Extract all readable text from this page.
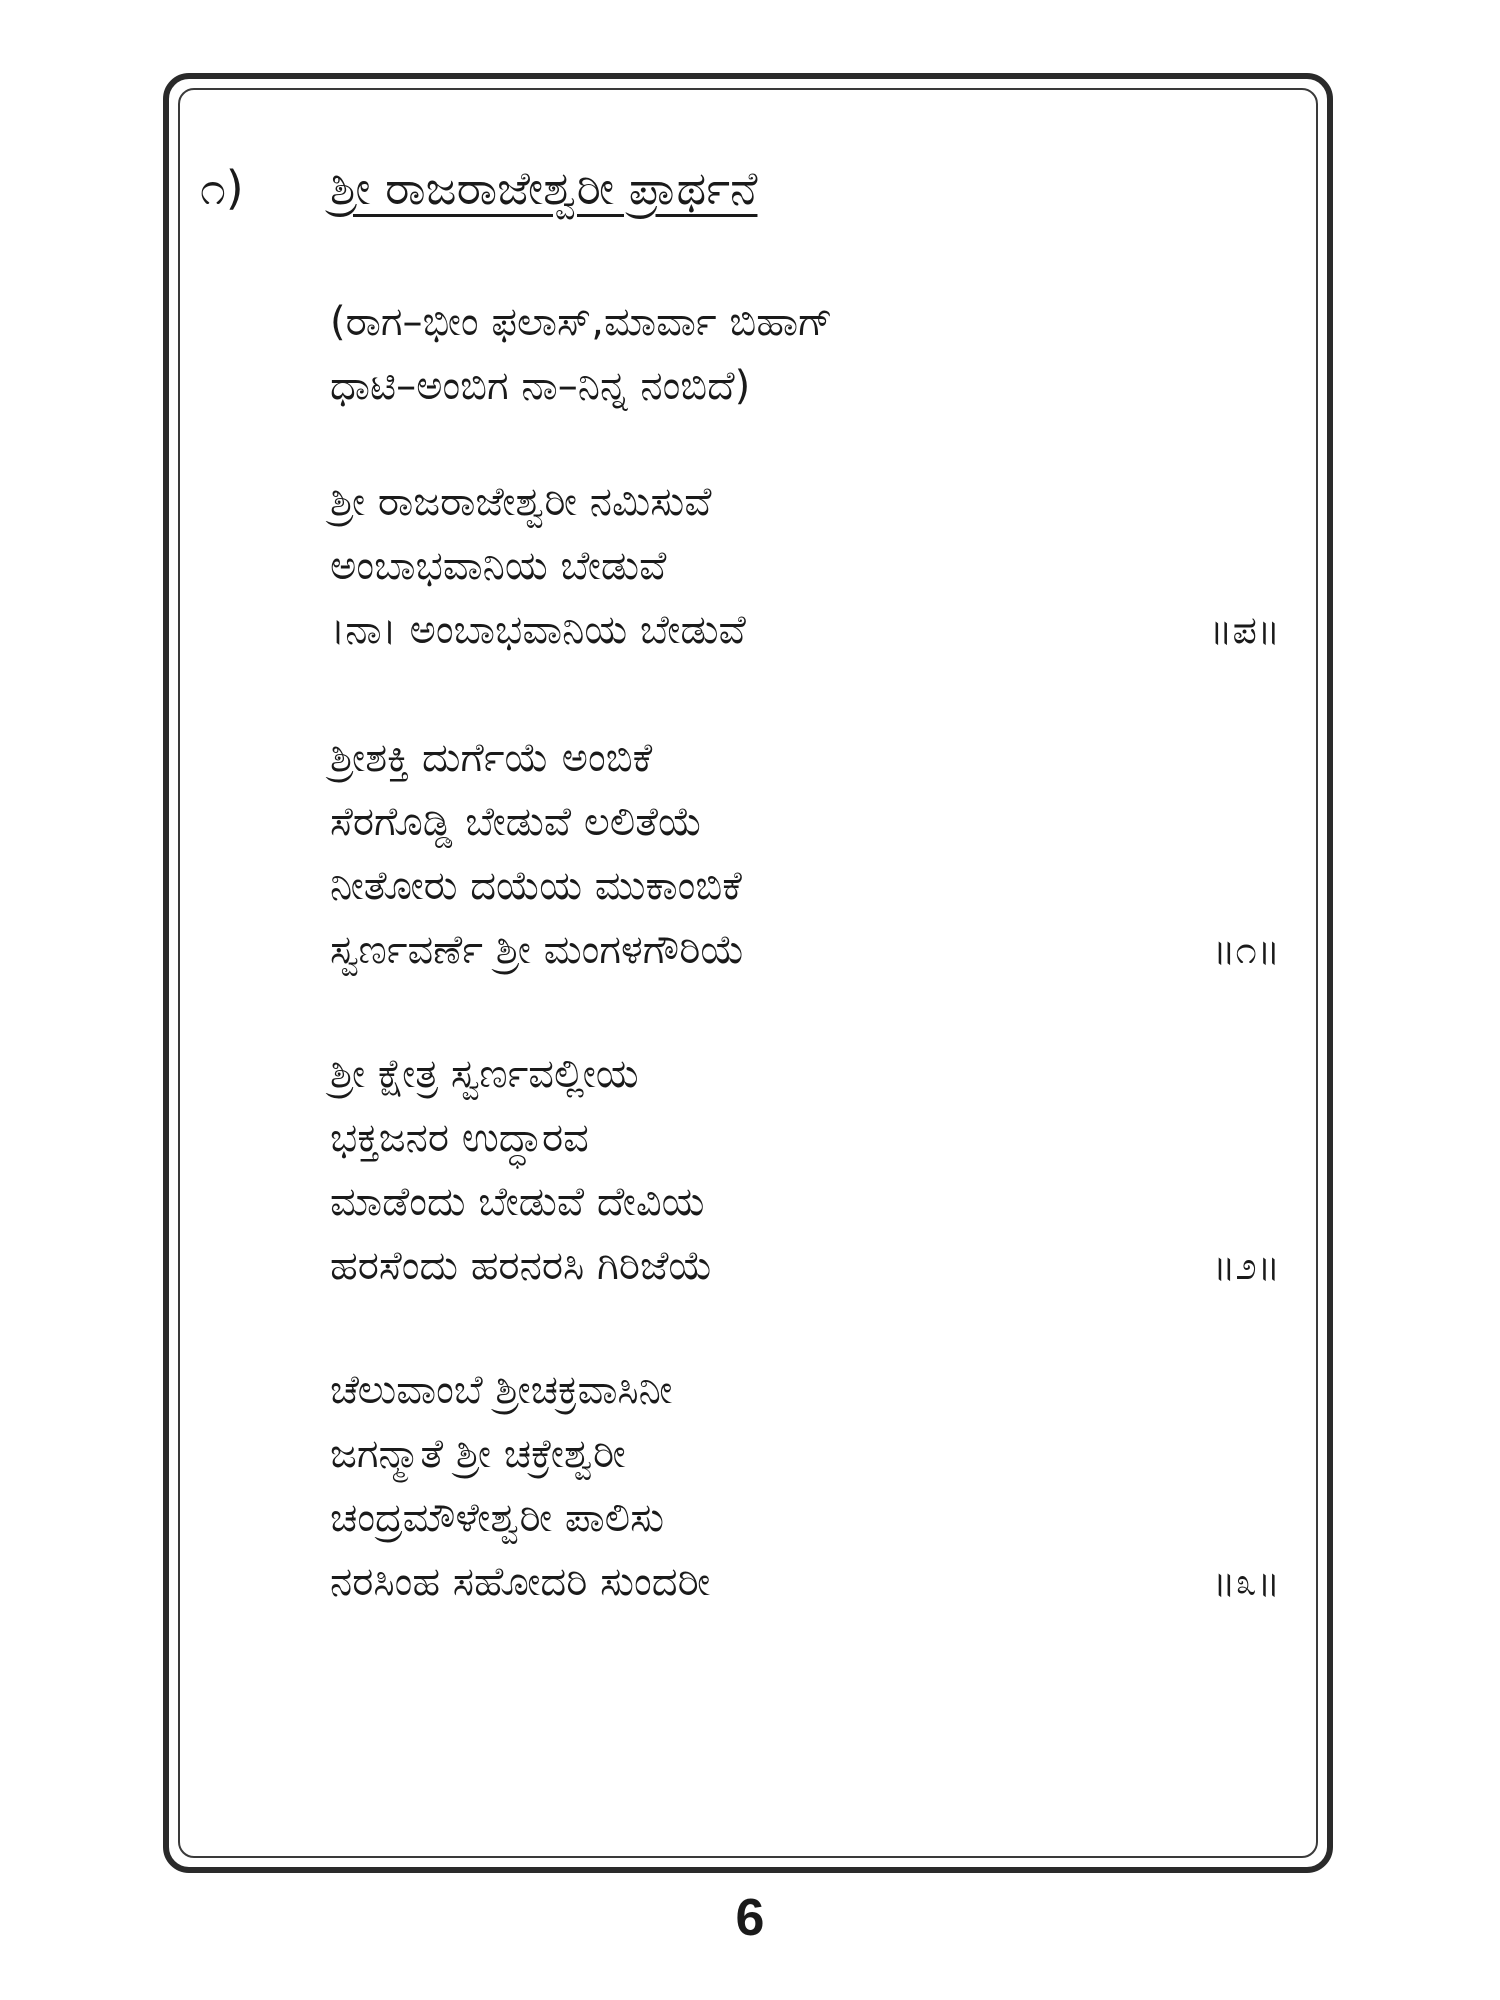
೧) ಶ್ರೀ ರಾಜರಾಜೇಶ್ವರೀ ಪ್ರಾರ್ಥನೆ
(ರಾಗ–ಭೀಂ ಫಲಾಸ್,ಮಾರ್ವಾ ಬಿಹಾಗ್
ಧಾಟಿ–ಅಂಬಿಗ ನಾ–ನಿನ್ನ ನಂಬಿದೆ)
ಶ್ರೀ ರಾಜರಾಜೇಶ್ವರೀ ನಮಿಸುವೆ
ಅಂಬಾಭವಾನಿಯ ಬೇಡುವೆ
।ನಾ। ಅಂಬಾಭವಾನಿಯ ಬೇಡುವೆ	॥ಪ॥
ಶ್ರೀಶಕ್ತಿ ದುರ್ಗೆಯೆ ಅಂಬಿಕೆ
ಸೆರಗೊಡ್ಡಿ ಬೇಡುವೆ ಲಲಿತೆಯೆ
ನೀತೋರು ದಯೆಯ ಮುಕಾಂಬಿಕೆ
ಸ್ವರ್ಣವರ್ಣೆ ಶ್ರೀ ಮಂಗಳಗೌರಿಯೆ	॥೧॥
ಶ್ರೀ ಕ್ಷೇತ್ರ ಸ್ವರ್ಣವಲ್ಲೀಯ
ಭಕ್ತಜನರ ಉದ್ಧಾರವ
ಮಾಡೆಂದು ಬೇಡುವೆ ದೇವಿಯ
ಹರಸೆಂದು ಹರನರಸಿ ಗಿರಿಜೆಯೆ	॥೨॥
ಚೆಲುವಾಂಬೆ ಶ್ರೀಚಕ್ರವಾಸಿನೀ
ಜಗನ್ಮಾತೆ ಶ್ರೀ ಚಕ್ರೇಶ್ವರೀ
ಚಂದ್ರಮೌಳೇಶ್ವರೀ ಪಾಲಿಸು
ನರಸಿಂಹ ಸಹೋದರಿ ಸುಂದರೀ	॥೩॥
6
